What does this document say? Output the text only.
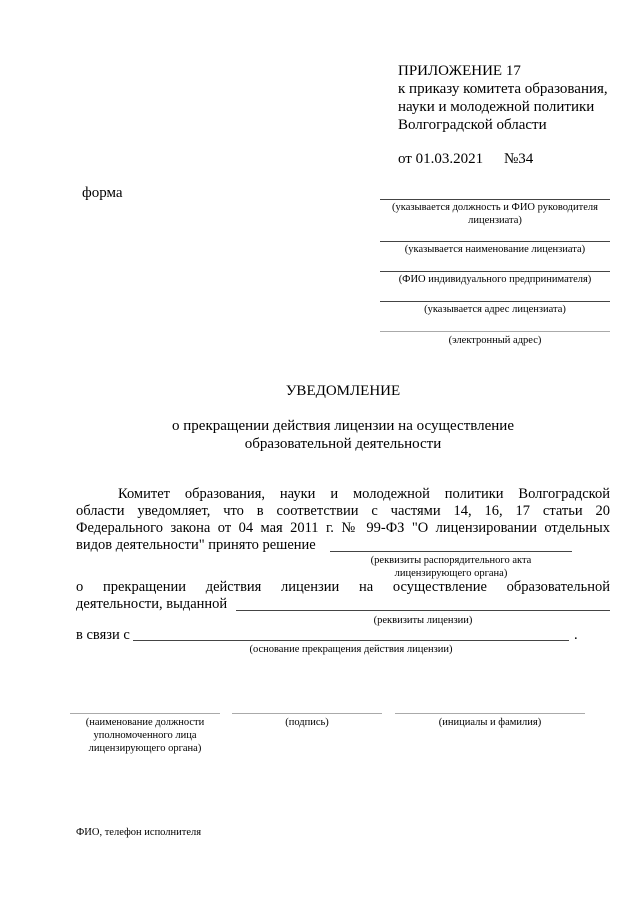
ПРИЛОЖЕНИЕ 17
к приказу комитета образования,
науки и молодежной политики
Волгоградской области
от 01.03.2021 №34
форма
(указывается должность и ФИО руководителя
лицензиата)
(указывается наименование лицензиата)
(ФИО индивидуального предпринимателя)
(указывается адрес лицензиата)
(электронный адрес)
УВЕДОМЛЕНИЕ
о прекращении действия лицензии на осуществление
образовательной деятельности
Комитет образования, науки и молодежной политики Волгоградской
области уведомляет, что в соответствии с частями 14, 16, 17 статьи 20
Федерального закона от 04 мая 2011 г. № 99-ФЗ "О лицензировании отдельных
видов деятельности" принято решение
(реквизиты распорядительного акта
лицензирующего органа)
о прекращении действия лицензии на осуществление образовательной
деятельности, выданной
(реквизиты лицензии)
в связи с	.
(основание прекращения действия лицензии)
(наименование должности
уполномоченного лица
лицензирующего органа)
(подпись)	(инициалы и фамилия)
ФИО, телефон исполнителя
